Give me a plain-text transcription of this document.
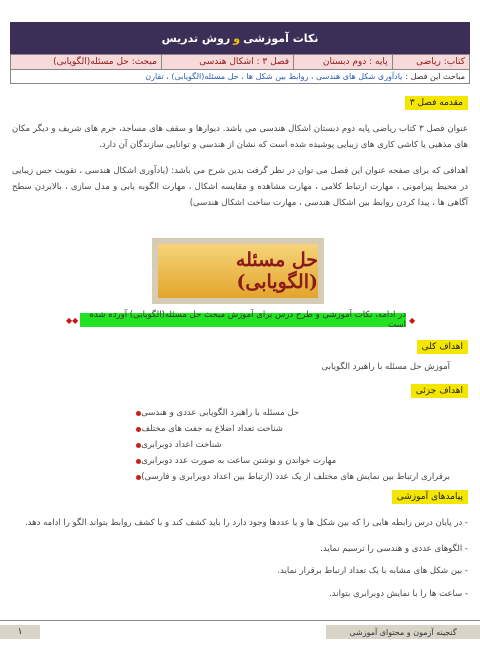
نکات آموزشی
و
روش تدریس
کتاب: ریاضی	پایه : دوم دبستان	فصل ۳ : اشکال هندسی	مبحث: حل مسئله(الگویابی)
مباحث این فصل :
یادآوری شکل های هندسی ، روابط بین شکل ها ، حل مسئله(الگویابی) ، تقارن
مقدمه فصل ۳
عنوان فصل ۳ کتاب ریاضی پایه دوم دبستان اشکال هندسی می باشد. دیوارها و سقف های مساجد، حرم های شریف و دیگر مکان های مذهبی یا کاشی کاری های زیبایی پوشیده شده است که نشان از هندسی و توانایی سازندگان آن دارد.
اهدافی که برای صفحه عنوان این فصل می توان در نظر گرفت بدین شرح می باشد: (یادآوری اشکال هندسی ، تقویت حس زیبایی در محیط پیرامونی ، مهارت ارتباط کلامی ، مهارت مشاهده و مقایسه اشکال ، مهارت الگوبه یابی و مدل سازی ، بالابردن سطح آگاهی ها ، پیدا کردن روابط بین اشکال هندسی ، مهارت ساخت اشکال هندسی)
حل مسئله (الگویابی)
◆◆
در ادامه، نکات آموزشی و طرح درس برای آموزش مبحث حل مسئله(الگویابی) آورده شده است ◆
اهداف کلی
آموزش حل مسئله با راهبرد الگویابی
اهداف جزئی
حل مسئله با راهبرد الگویابی عددی و هندسی
شناخت تعداد اضلاع به جفت های مختلف
شناخت اعداد دوبرابری
مهارت خواندن و نوشتن ساعت به صورت عدد دوبرابری
برقراری ارتباط بین نمایش های مختلف از یک عدد (ارتباط بین اعداد دوبرابری و فارسی)
پیامدهای آموزشی
- در پایان درس رابطه هایی را که بین شکل ها و یا عددها وجود دارد را باید کشف کند و با کشف روابط بتواند الگو را ادامه دهد.
- الگوهای عددی و هندسی را ترسیم نماید.
- بین شکل های مشابه با یک تعداد ارتباط برقرار نماید.
- ساعت ها را با نمایش دوبرابری بتواند.
۱	گنجینه آزمون و محتوای آموزشی
